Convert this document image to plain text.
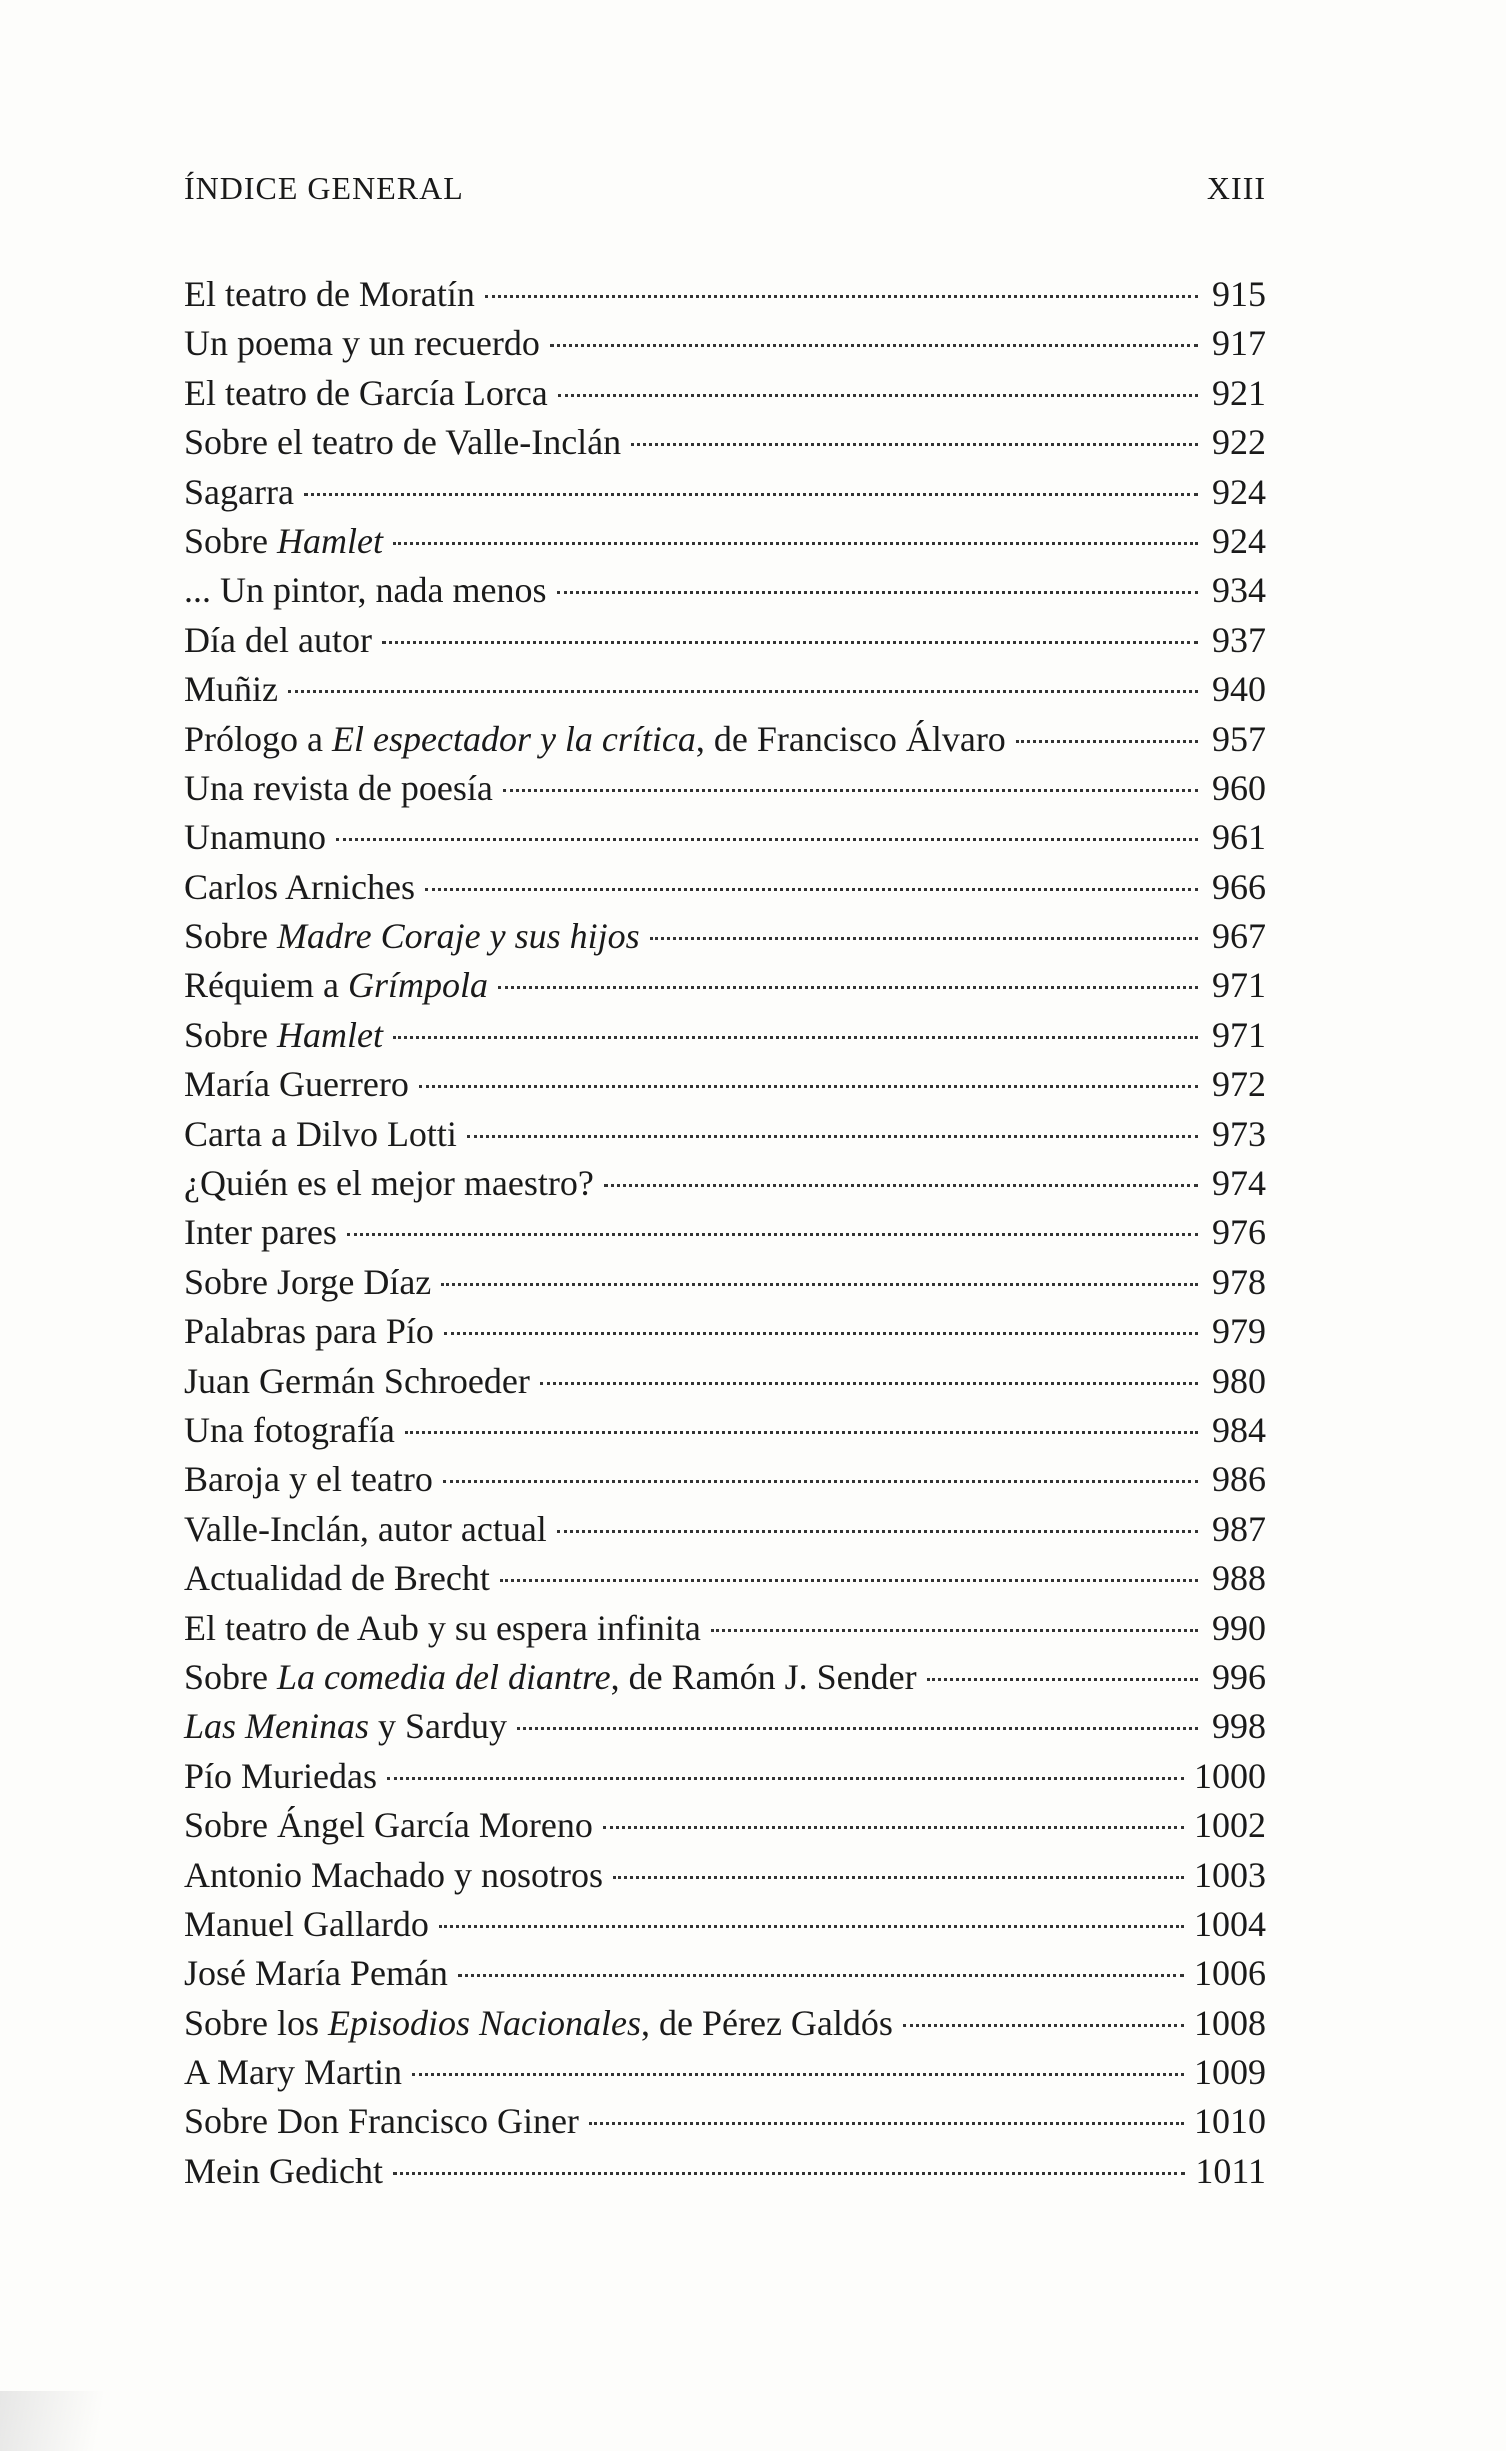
ÍNDICE GENERAL	XIII
El teatro de Moratín	915
Un poema y un recuerdo	917
El teatro de García Lorca	921
Sobre el teatro de Valle-Inclán	922
Sagarra	924
Sobre Hamlet	924
... Un pintor, nada menos	934
Día del autor	937
Muñiz	940
Prólogo a El espectador y la crítica, de Francisco Álvaro	957
Una revista de poesía	960
Unamuno	961
Carlos Arniches	966
Sobre Madre Coraje y sus hijos	967
Réquiem a Grímpola	971
Sobre Hamlet	971
María Guerrero	972
Carta a Dilvo Lotti	973
¿Quién es el mejor maestro?	974
Inter pares	976
Sobre Jorge Díaz	978
Palabras para Pío	979
Juan Germán Schroeder	980
Una fotografía	984
Baroja y el teatro	986
Valle-Inclán, autor actual	987
Actualidad de Brecht	988
El teatro de Aub y su espera infinita	990
Sobre La comedia del diantre, de Ramón J. Sender	996
Las Meninas y Sarduy	998
Pío Muriedas	1000
Sobre Ángel García Moreno	1002
Antonio Machado y nosotros	1003
Manuel Gallardo	1004
José María Pemán	1006
Sobre los Episodios Nacionales, de Pérez Galdós	1008
A Mary Martin	1009
Sobre Don Francisco Giner	1010
Mein Gedicht	1011
